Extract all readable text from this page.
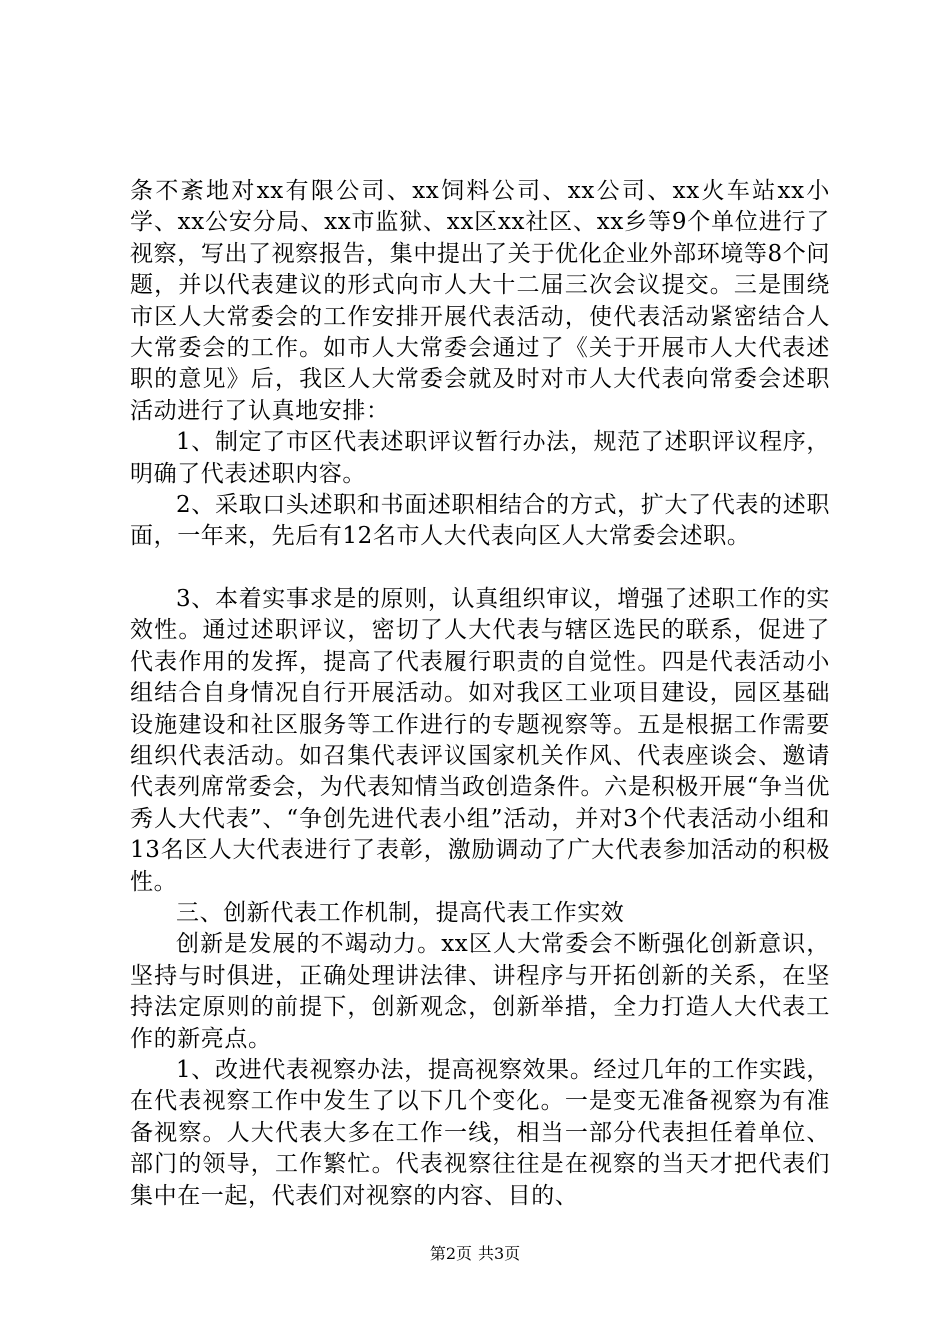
条不紊地对xx有限公司、xx饲料公司、xx公司、xx火车站xx小学、xx公安分局、xx市监狱、xx区xx社区、xx乡等9个单位进行了视察，写出了视察报告，集中提出了关于优化企业外部环境等8个问题，并以代表建议的形式向市人大十二届三次会议提交。三是围绕市区人大常委会的工作安排开展代表活动，使代表活动紧密结合人大常委会的工作。如市人大常委会通过了《关于开展市人大代表述职的意见》后，我区人大常委会就及时对市人大代表向常委会述职活动进行了认真地安排：

1、制定了市区代表述职评议暂行办法，规范了述职评议程序，明确了代表述职内容。

2、采取口头述职和书面述职相结合的方式，扩大了代表的述职面，一年来，先后有12名市人大代表向区人大常委会述职。

3、本着实事求是的原则，认真组织审议，增强了述职工作的实效性。通过述职评议，密切了人大代表与辖区选民的联系，促进了代表作用的发挥，提高了代表履行职责的自觉性。四是代表活动小组结合自身情况自行开展活动。如对我区工业项目建设，园区基础设施建设和社区服务等工作进行的专题视察等。五是根据工作需要组织代表活动。如召集代表评议国家机关作风、代表座谈会、邀请代表列席常委会，为代表知情当政创造条件。六是积极开展“争当优秀人大代表”、“争创先进代表小组”活动，并对3个代表活动小组和13名区人大代表进行了表彰，激励调动了广大代表参加活动的积极性。

三、创新代表工作机制，提高代表工作实效

创新是发展的不竭动力。xx区人大常委会不断强化创新意识，坚持与时俱进，正确处理讲法律、讲程序与开拓创新的关系，在坚持法定原则的前提下，创新观念，创新举措，全力打造人大代表工作的新亮点。

1、改进代表视察办法，提高视察效果。经过几年的工作实践，在代表视察工作中发生了以下几个变化。一是变无准备视察为有准备视察。人大代表大多在工作一线，相当一部分代表担任着单位、部门的领导，工作繁忙。代表视察往往是在视察的当天才把代表们集中在一起，代表们对视察的内容、目的、

第2页 共3页
